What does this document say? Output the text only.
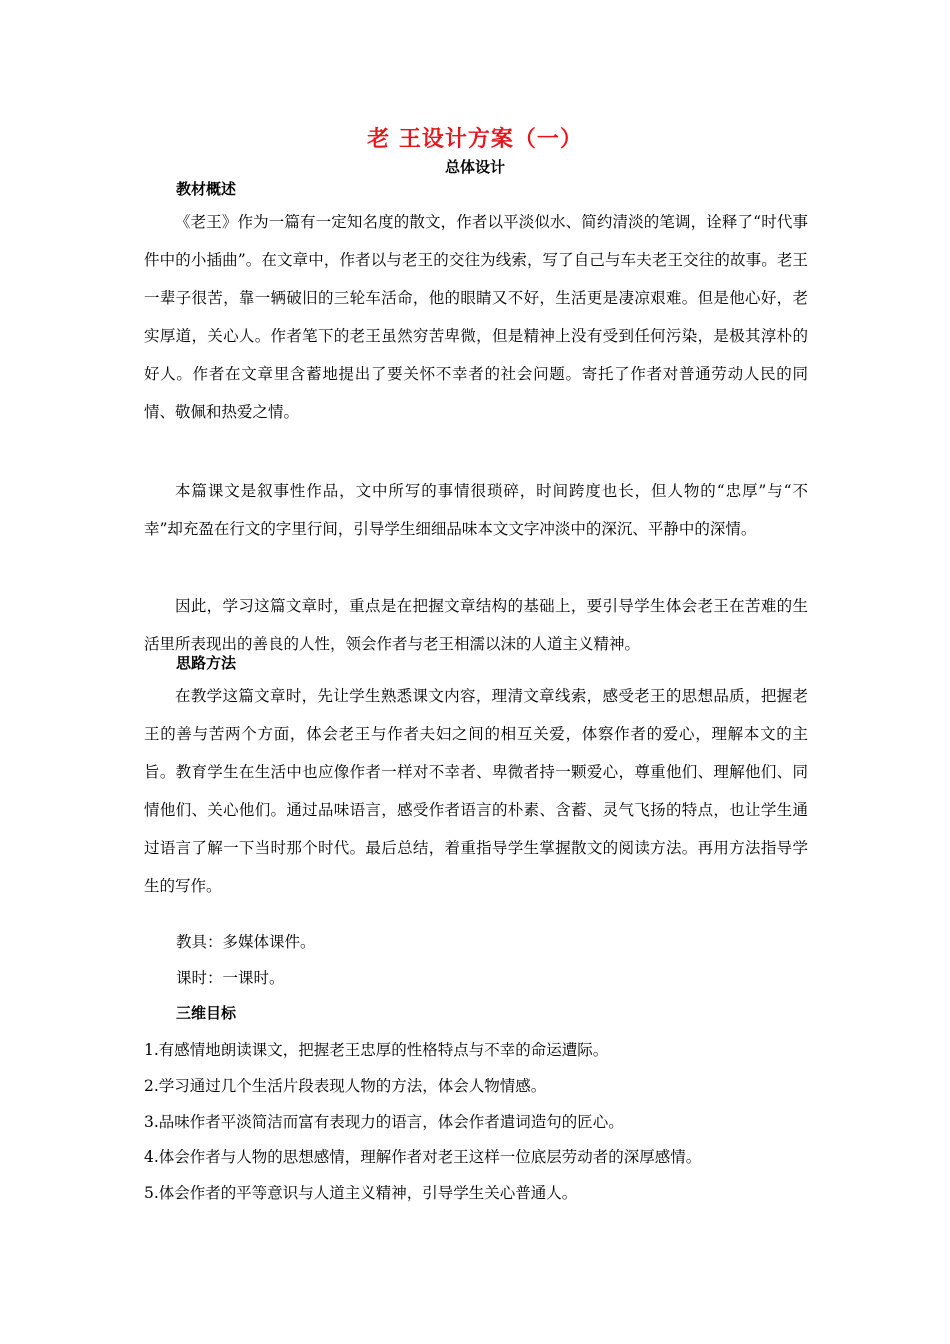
老 王设计方案（一）
总体设计
教材概述
《老王》作为一篇有一定知名度的散文，作者以平淡似水、简约清淡的笔调，诠释了“时代事件中的小插曲”。在文章中，作者以与老王的交往为线索，写了自己与车夫老王交往的故事。老王一辈子很苦，靠一辆破旧的三轮车活命，他的眼睛又不好，生活更是凄凉艰难。但是他心好，老实厚道，关心人。作者笔下的老王虽然穷苦卑微，但是精神上没有受到任何污染，是极其淳朴的好人。作者在文章里含蓄地提出了要关怀不幸者的社会问题。寄托了作者对普通劳动人民的同情、敬佩和热爱之情。
本篇课文是叙事性作品，文中所写的事情很琐碎，时间跨度也长，但人物的“忠厚”与“不幸”却充盈在行文的字里行间，引导学生细细品味本文文字冲淡中的深沉、平静中的深情。
因此，学习这篇文章时，重点是在把握文章结构的基础上，要引导学生体会老王在苦难的生活里所表现出的善良的人性，领会作者与老王相濡以沫的人道主义精神。
思路方法
在教学这篇文章时，先让学生熟悉课文内容，理清文章线索，感受老王的思想品质，把握老王的善与苦两个方面，体会老王与作者夫妇之间的相互关爱，体察作者的爱心，理解本文的主旨。教育学生在生活中也应像作者一样对不幸者、卑微者持一颗爱心，尊重他们、理解他们、同情他们、关心他们。通过品味语言，感受作者语言的朴素、含蓄、灵气飞扬的特点，也让学生通过语言了解一下当时那个时代。最后总结，着重指导学生掌握散文的阅读方法。再用方法指导学生的写作。
教具：多媒体课件。
课时：一课时。
三维目标
1.有感情地朗读课文，把握老王忠厚的性格特点与不幸的命运遭际。
2.学习通过几个生活片段表现人物的方法，体会人物情感。
3.品味作者平淡简洁而富有表现力的语言，体会作者遣词造句的匠心。
4.体会作者与人物的思想感情，理解作者对老王这样一位底层劳动者的深厚感情。
5.体会作者的平等意识与人道主义精神，引导学生关心普通人。
